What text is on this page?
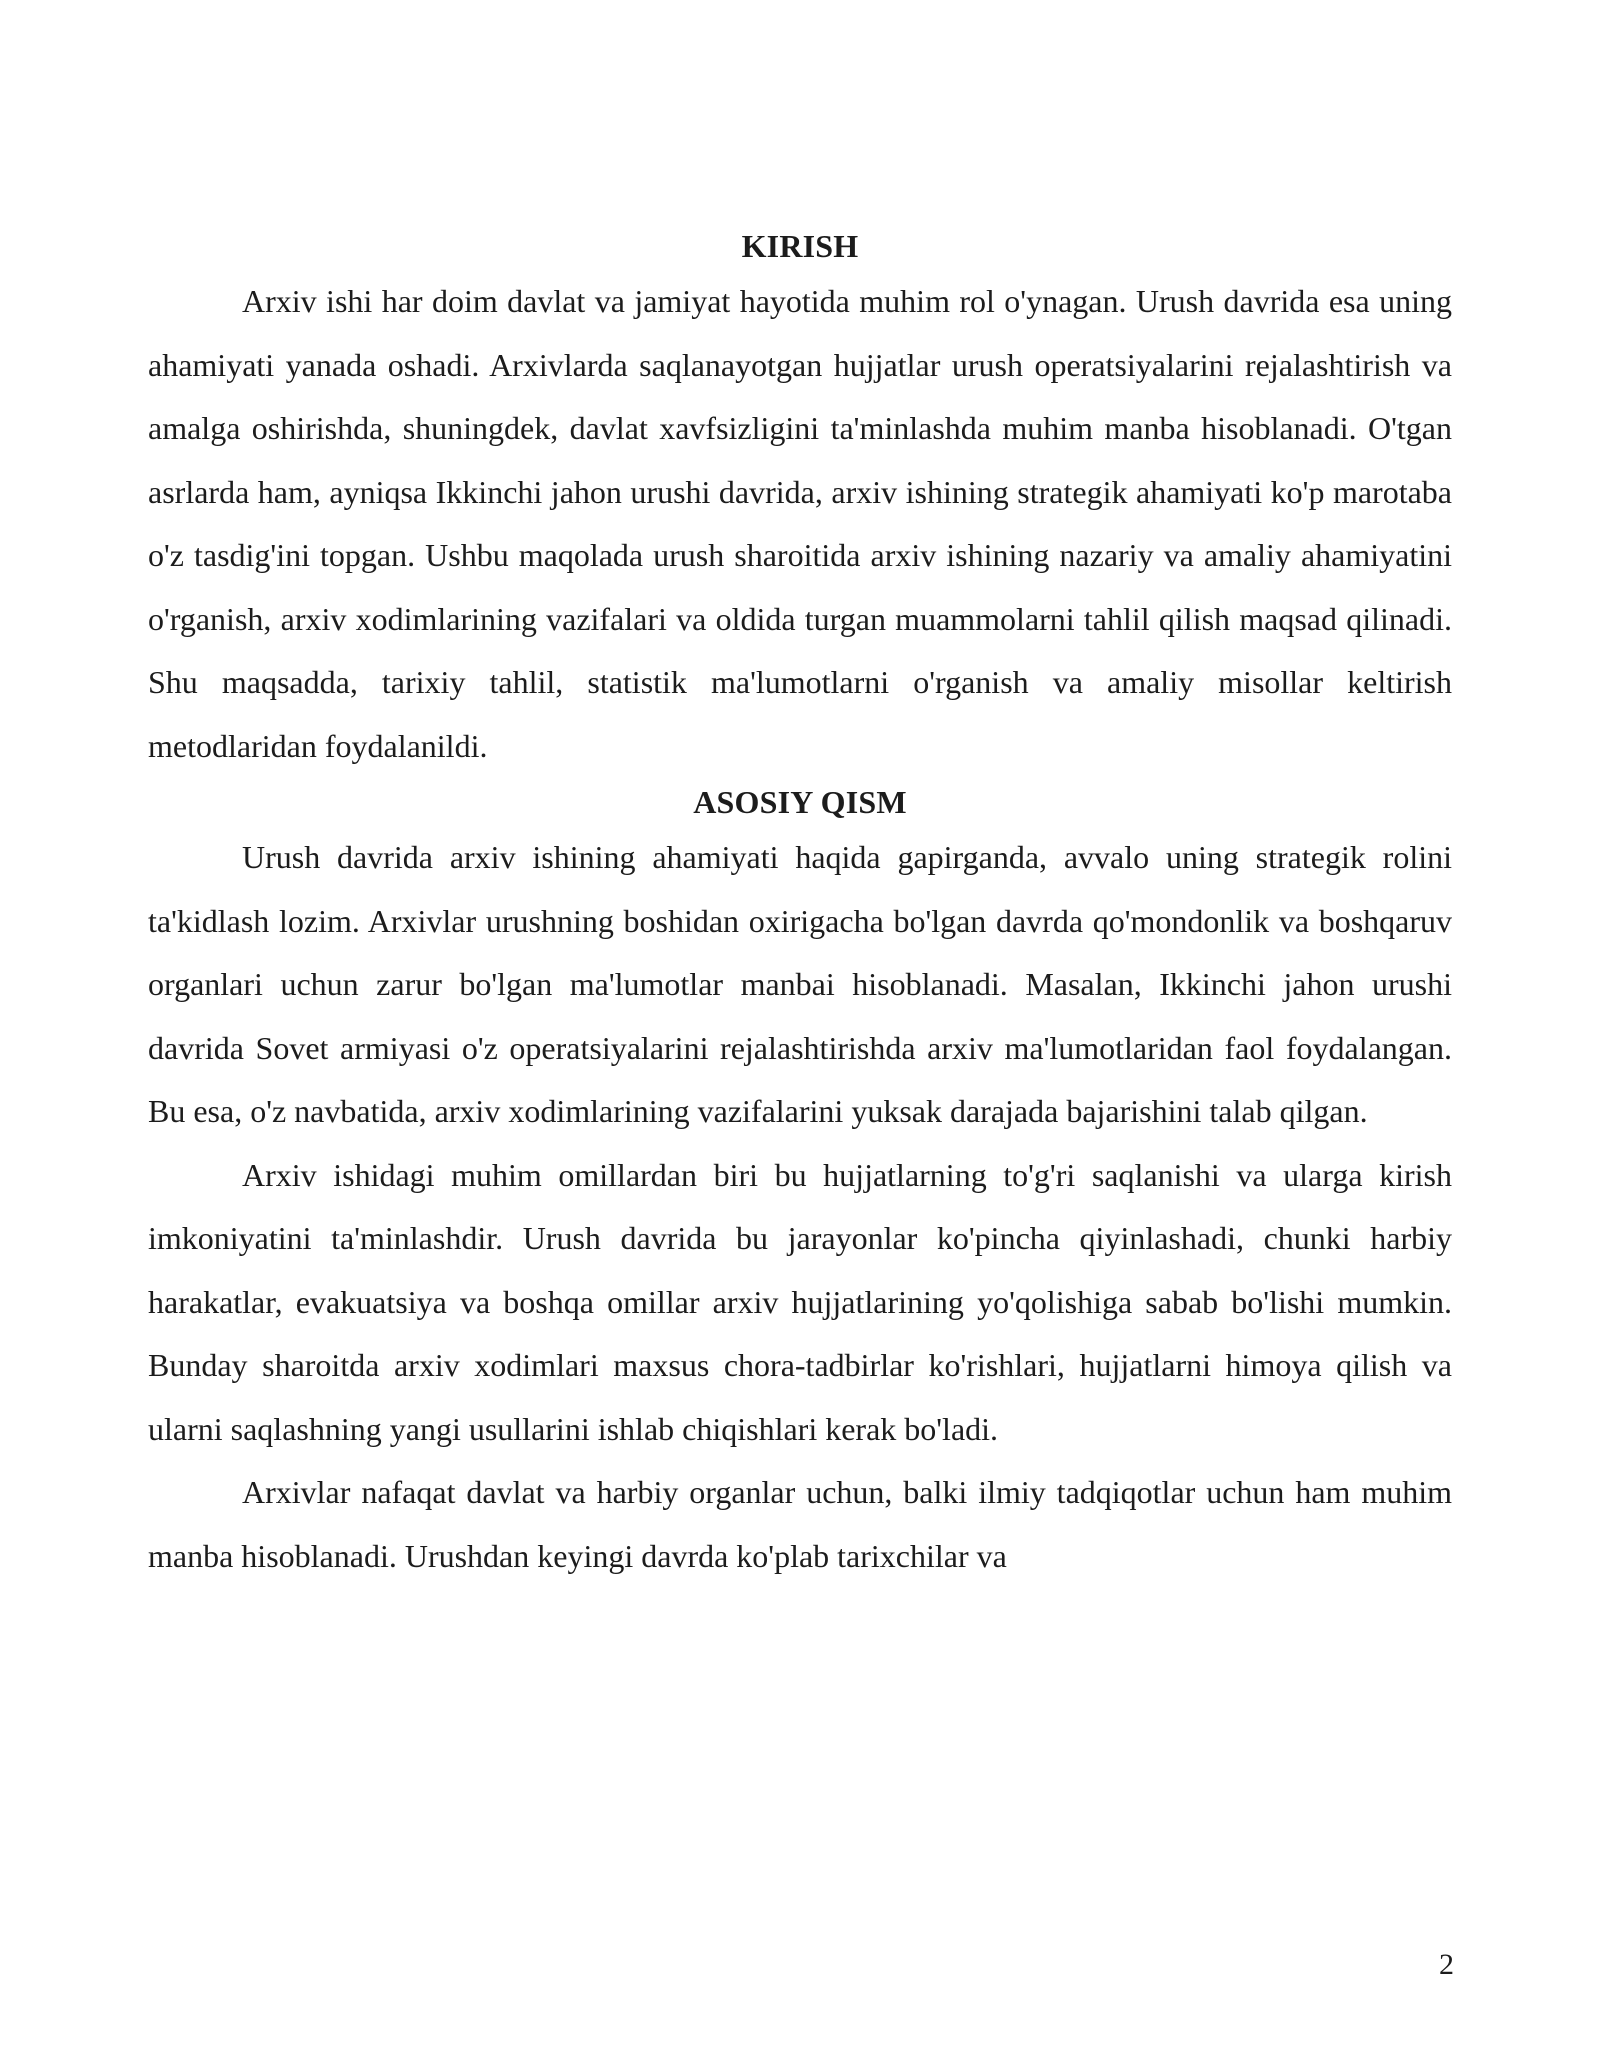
KIRISH

Arxiv ishi har doim davlat va jamiyat hayotida muhim rol o'ynagan. Urush davrida esa uning ahamiyati yanada oshadi. Arxivlarda saqlanayotgan hujjatlar urush operatsiyalarini rejalashtirish va amalga oshirishda, shuningdek, davlat xavfsizligini ta'minlashda muhim manba hisoblanadi. O'tgan asrlarda ham, ayniqsa Ikkinchi jahon urushi davrida, arxiv ishining strategik ahamiyati ko'p marotaba o'z tasdig'ini topgan. Ushbu maqolada urush sharoitida arxiv ishining nazariy va amaliy ahamiyatini o'rganish, arxiv xodimlarining vazifalari va oldida turgan muammolarni tahlil qilish maqsad qilinadi. Shu maqsadda, tarixiy tahlil, statistik ma'lumotlarni o'rganish va amaliy misollar keltirish metodlaridan foydalanildi.

ASOSIY QISM

Urush davrida arxiv ishining ahamiyati haqida gapirganda, avvalo uning strategik rolini ta'kidlash lozim. Arxivlar urushning boshidan oxirigacha bo'lgan davrda qo'mondonlik va boshqaruv organlari uchun zarur bo'lgan ma'lumotlar manbai hisoblanadi. Masalan, Ikkinchi jahon urushi davrida Sovet armiyasi o'z operatsiyalarini rejalashtirishda arxiv ma'lumotlaridan faol foydalangan. Bu esa, o'z navbatida, arxiv xodimlarining vazifalarini yuksak darajada bajarishini talab qilgan.

Arxiv ishidagi muhim omillardan biri bu hujjatlarning to'g'ri saqlanishi va ularga kirish imkoniyatini ta'minlashdir. Urush davrida bu jarayonlar ko'pincha qiyinlashadi, chunki harbiy harakatlar, evakuatsiya va boshqa omillar arxiv hujjatlarining yo'qolishiga sabab bo'lishi mumkin. Bunday sharoitda arxiv xodimlari maxsus chora-tadbirlar ko'rishlari, hujjatlarni himoya qilish va ularni saqlashning yangi usullarini ishlab chiqishlari kerak bo'ladi.

Arxivlar nafaqat davlat va harbiy organlar uchun, balki ilmiy tadqiqotlar uchun ham muhim manba hisoblanadi. Urushdan keyingi davrda ko'plab tarixchilar va

2
